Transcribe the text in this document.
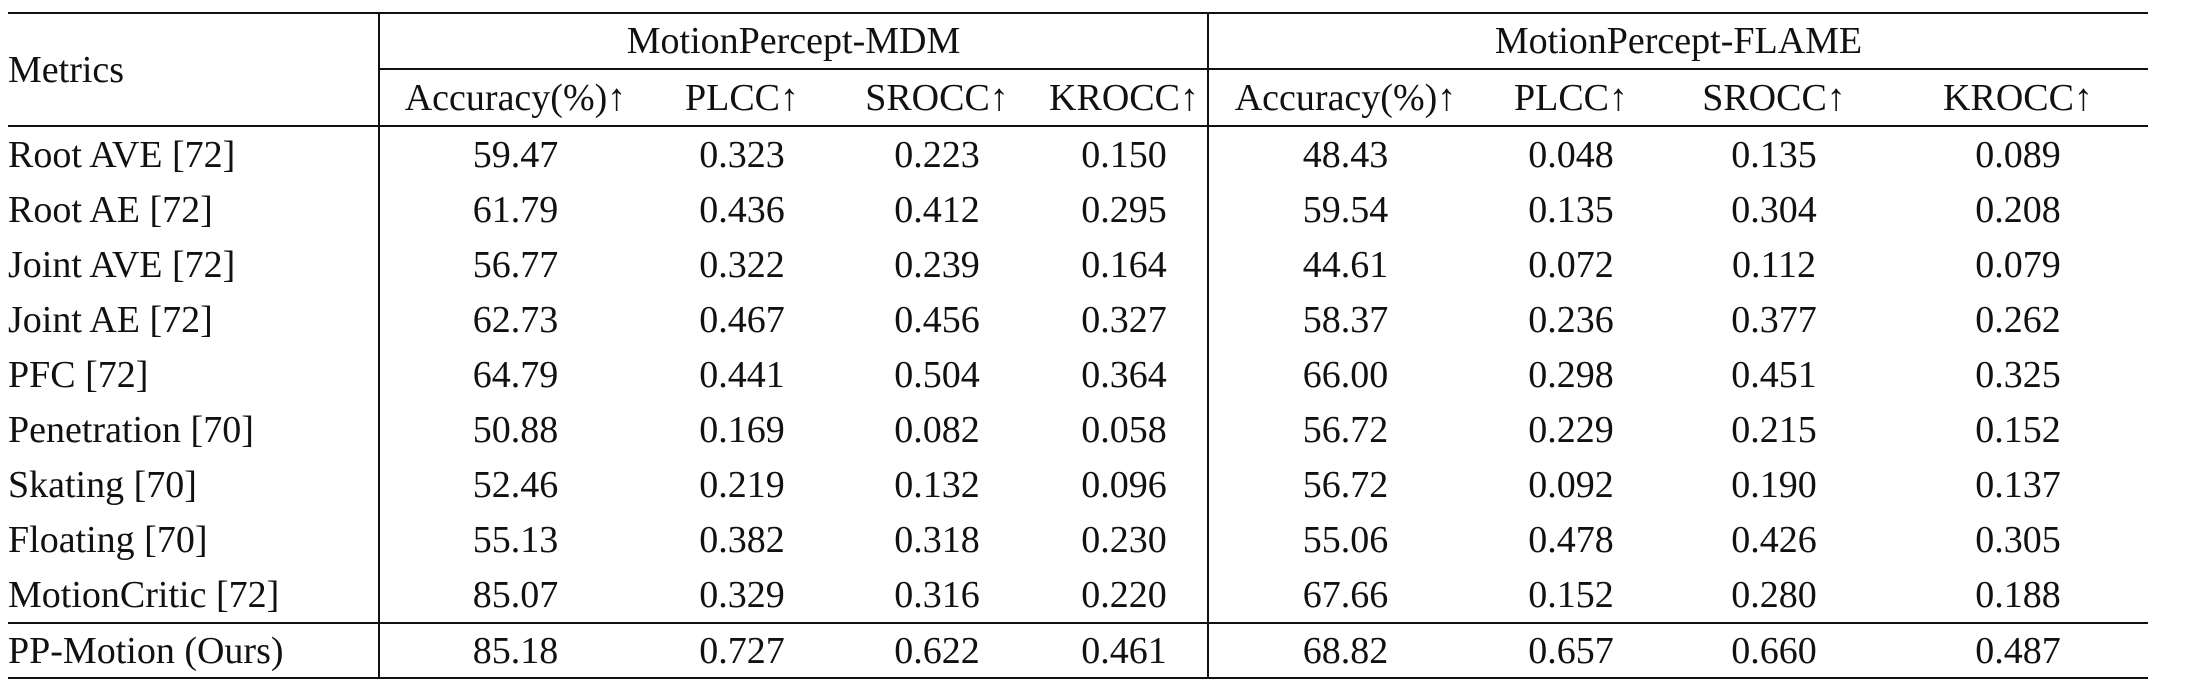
Metrics	MotionPercept-MDM				MotionPercept-FLAME			
	Accuracy(%)↑	PLCC↑	SROCC↑	KROCC↑	Accuracy(%)↑	PLCC↑	SROCC↑	KROCC↑
Root AVE [72]	59.47	0.323	0.223	0.150	48.43	0.048	0.135	0.089
Root AE [72]	61.79	0.436	0.412	0.295	59.54	0.135	0.304	0.208
Joint AVE [72]	56.77	0.322	0.239	0.164	44.61	0.072	0.112	0.079
Joint AE [72]	62.73	0.467	0.456	0.327	58.37	0.236	0.377	0.262
PFC [72]	64.79	0.441	0.504	0.364	66.00	0.298	0.451	0.325
Penetration [70]	50.88	0.169	0.082	0.058	56.72	0.229	0.215	0.152
Skating [70]	52.46	0.219	0.132	0.096	56.72	0.092	0.190	0.137
Floating [70]	55.13	0.382	0.318	0.230	55.06	0.478	0.426	0.305
MotionCritic [72]	85.07	0.329	0.316	0.220	67.66	0.152	0.280	0.188
PP-Motion (Ours)	85.18	0.727	0.622	0.461	68.82	0.657	0.660	0.487
